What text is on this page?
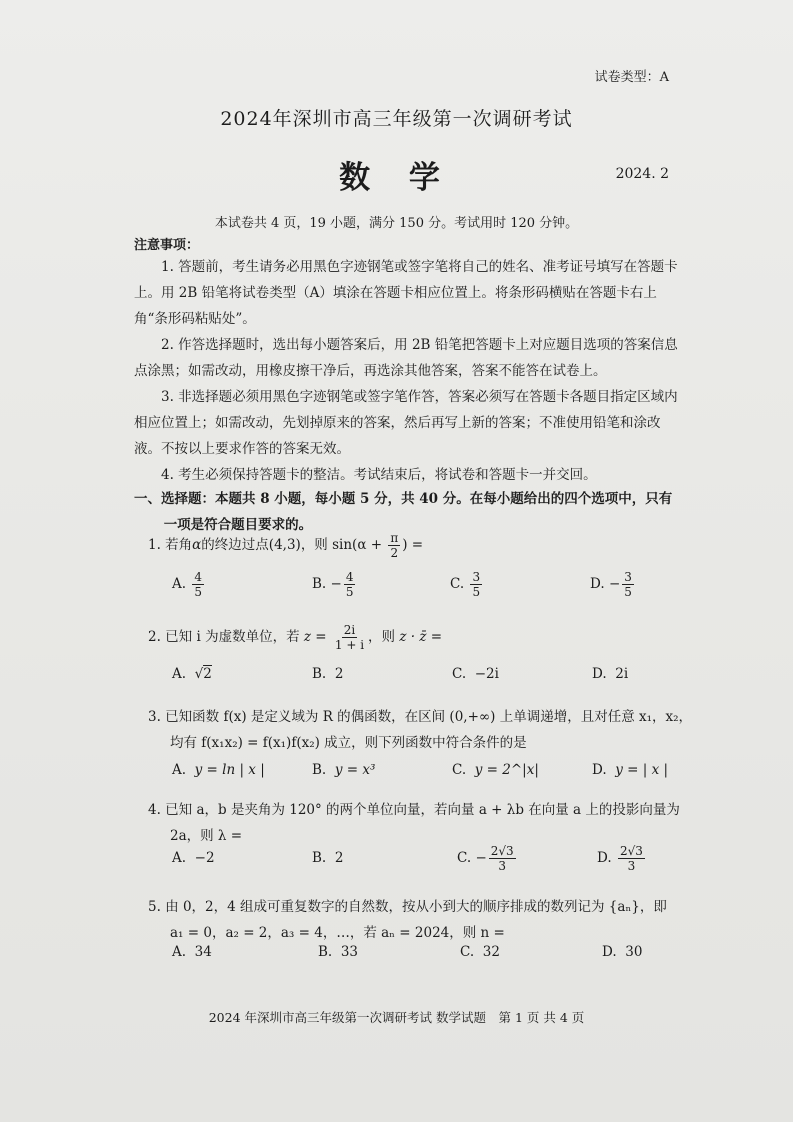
试卷类型：A
2024年深圳市高三年级第一次调研考试
数 学	2024. 2
本试卷共 4 页，19 小题，满分 150 分。考试用时 120 分钟。
注意事项：
1. 答题前，考生请务必用黑色字迹钢笔或签字笔将自己的姓名、准考证号填写在答题卡上。用 2B 铅笔将试卷类型（A）填涂在答题卡相应位置上。将条形码横贴在答题卡右上角“条形码粘贴处”。
2. 作答选择题时，选出每小题答案后，用 2B 铅笔把答题卡上对应题目选项的答案信息点涂黑；如需改动，用橡皮擦干净后，再选涂其他答案，答案不能答在试卷上。
3. 非选择题必须用黑色字迹钢笔或签字笔作答，答案必须写在答题卡各题目指定区域内相应位置上；如需改动，先划掉原来的答案，然后再写上新的答案；不准使用铅笔和涂改液。不按以上要求作答的答案无效。
4. 考生必须保持答题卡的整洁。考试结束后，将试卷和答题卡一并交回。
一、选择题：本题共 8 小题，每小题 5 分，共 40 分。在每小题给出的四个选项中，只有
一项是符合题目要求的。
1. 若角α的终边过点(4,3)，则 $\sin(\alpha + \frac{\pi}{2}$ ) =
A. $\frac{4}{5}$	B. − $\frac{4}{5}$	C. $\frac{3}{5}$	D. − $\frac{3}{5}$
2. 已知 i 为虚数单位，若 $z = \frac{2i}{1 + i}$ ，则 z · z̄ =
A. √2	B. 2	C. −2i	D. 2i
3. 已知函数 f(x) 是定义域为 R 的偶函数，在区间 (0,+∞) 上单调递增，且对任意 x₁，x₂，
均有 f(x₁x₂) = f(x₁)f(x₂) 成立，则下列函数中符合条件的是
A. y = ln | x |	B. y = x³	C. y = 2^|x|	D. y = | x |
4. 已知 a，b 是夹角为 120° 的两个单位向量，若向量 a + λb 在向量 a 上的投影向量为
2a，则 λ =
A. −2	B. 2	C. − $\frac{2√3}{3}$	D. $\frac{2√3}{3}$
5. 由 0，2，4 组成可重复数字的自然数，按从小到大的顺序排成的数列记为 {aₙ}，即
a₁ = 0，a₂ = 2，a₃ = 4，…，若 aₙ = 2024，则 n =
A. 34	B. 33	C. 32	D. 30
2024 年深圳市高三年级第一次调研考试 数学试题　第 1 页 共 4 页
